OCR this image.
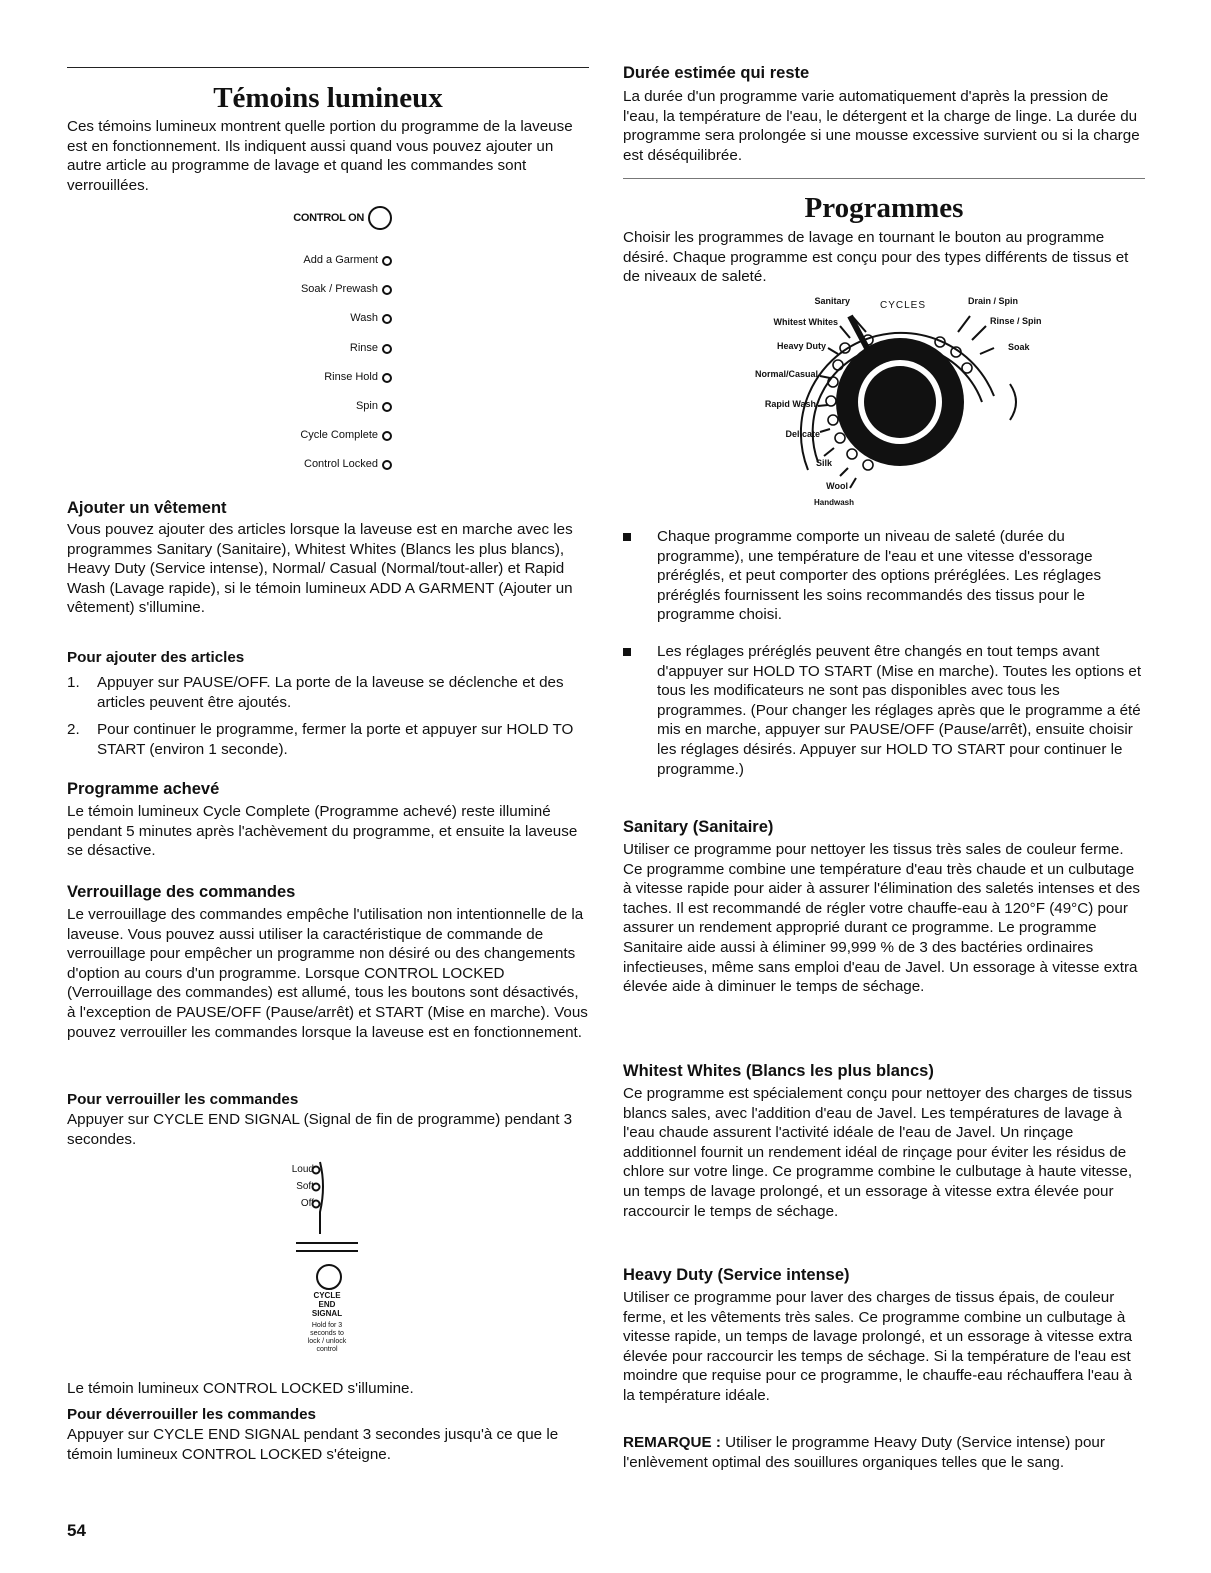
Témoins lumineux

Ces témoins lumineux montrent quelle portion du programme de la laveuse est en fonctionnement. Ils indiquent aussi quand vous pouvez ajouter un autre article au programme de lavage et quand les commandes sont verrouillées.

CONTROL ON
Add a Garment
Soak / Prewash
Wash
Rinse
Rinse Hold
Spin
Cycle Complete
Control Locked

Ajouter un vêtement

Vous pouvez ajouter des articles lorsque la laveuse est en marche avec les programmes Sanitary (Sanitaire), Whitest Whites (Blancs les plus blancs), Heavy Duty (Service intense), Normal/ Casual (Normal/tout-aller) et Rapid Wash (Lavage rapide), si le témoin lumineux ADD A GARMENT (Ajouter un vêtement) s'illumine.

Pour ajouter des articles

1. Appuyer sur PAUSE/OFF. La porte de la laveuse se déclenche et des articles peuvent être ajoutés.

2. Pour continuer le programme, fermer la porte et appuyer sur HOLD TO START (environ 1 seconde).

Programme achevé

Le témoin lumineux Cycle Complete (Programme achevé) reste illuminé pendant 5 minutes après l'achèvement du programme, et ensuite la laveuse se désactive.

Verrouillage des commandes

Le verrouillage des commandes empêche l'utilisation non intentionnelle de la laveuse. Vous pouvez aussi utiliser la caractéristique de commande de verrouillage pour empêcher un programme non désiré ou des changements d'option au cours d'un programme. Lorsque CONTROL LOCKED (Verrouillage des commandes) est allumé, tous les boutons sont désactivés, à l'exception de PAUSE/OFF (Pause/arrêt) et START (Mise en marche). Vous pouvez verrouiller les commandes lorsque la laveuse est en fonctionnement.

Pour verrouiller les commandes

Appuyer sur CYCLE END SIGNAL (Signal de fin de programme) pendant 3 secondes.

Loud
Soft
Off
CYCLE
END
SIGNAL
Hold for 3
seconds to
lock / unlock
control

Le témoin lumineux CONTROL LOCKED s'illumine.

Pour déverrouiller les commandes

Appuyer sur CYCLE END SIGNAL pendant 3 secondes jusqu'à ce que le témoin lumineux CONTROL LOCKED s'éteigne.

54

Durée estimée qui reste

La durée d'un programme varie automatiquement d'après la pression de l'eau, la température de l'eau, le détergent et la charge de linge. La durée du programme sera prolongée si une mousse excessive survient ou si la charge est déséquilibrée.

Programmes

Choisir les programmes de lavage en tournant le bouton au programme désiré. Chaque programme est conçu pour des types différents de tissus et de niveaux de saleté.

CYCLES
Sanitary
Whitest Whites
Heavy Duty
Normal/Casual
Rapid Wash
Delicate
Silk
Wool
Handwash
Drain / Spin
Rinse / Spin
Soak

Chaque programme comporte un niveau de saleté (durée du programme), une température de l'eau et une vitesse d'essorage préréglés, et peut comporter des options préréglées. Les réglages préréglés fournissent les soins recommandés des tissus pour le programme choisi.

Les réglages préréglés peuvent être changés en tout temps avant d'appuyer sur HOLD TO START (Mise en marche). Toutes les options et tous les modificateurs ne sont pas disponibles avec tous les programmes. (Pour changer les réglages après que le programme a été mis en marche, appuyer sur PAUSE/OFF (Pause/arrêt), ensuite choisir les réglages désirés. Appuyer sur HOLD TO START pour continuer le programme.)

Sanitary (Sanitaire)

Utiliser ce programme pour nettoyer les tissus très sales de couleur ferme. Ce programme combine une température d'eau très chaude et un culbutage à vitesse rapide pour aider à assurer l'élimination des saletés intenses et des taches. Il est recommandé de régler votre chauffe-eau à 120°F (49°C) pour assurer un rendement approprié durant ce programme. Le programme Sanitaire aide aussi à éliminer 99,999 % de 3 des bactéries ordinaires infectieuses, même sans emploi d'eau de Javel. Un essorage à vitesse extra élevée aide à diminuer le temps de séchage.

Whitest Whites (Blancs les plus blancs)

Ce programme est spécialement conçu pour nettoyer des charges de tissus blancs sales, avec l'addition d'eau de Javel. Les températures de lavage à l'eau chaude assurent l'activité idéale de l'eau de Javel. Un rinçage additionnel fournit un rendement idéal de rinçage pour éviter les résidus de chlore sur votre linge. Ce programme combine le culbutage à haute vitesse, un temps de lavage prolongé, et un essorage à vitesse extra élevée pour raccourcir le temps de séchage.

Heavy Duty (Service intense)

Utiliser ce programme pour laver des charges de tissus épais, de couleur ferme, et les vêtements très sales. Ce programme combine un culbutage à vitesse rapide, un temps de lavage prolongé, et un essorage à vitesse extra élevée pour raccourcir les temps de séchage. Si la température de l'eau est moindre que requise pour ce programme, le chauffe-eau réchauffera l'eau à la température idéale.

REMARQUE : Utiliser le programme Heavy Duty (Service intense) pour l'enlèvement optimal des souillures organiques telles que le sang.
